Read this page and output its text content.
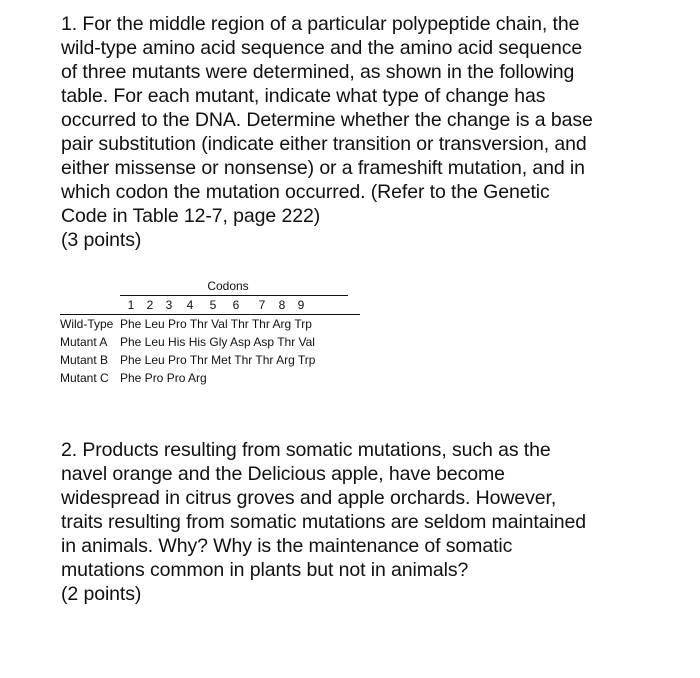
1. For the middle region of a particular polypeptide chain, the

wild-type amino acid sequence and the amino acid sequence

of three mutants were determined, as shown in the following

table. For each mutant, indicate what type of change has

occurred to the DNA. Determine whether the change is a base

pair substitution (indicate either transition or transversion, and

either missense or nonsense) or a frameshift mutation, and in

which codon the mutation occurred. (Refer to the Genetic

Code in Table 12-7, page 222)

(3 points)

Codons
1	2	3	4	5	6	7	8	9
Wild-Type Phe Leu Pro Thr Val Thr Thr Arg Trp
Mutant A Phe Leu His His Gly Asp Asp Thr Val
Mutant B Phe Leu Pro Thr Met Thr Thr Arg Trp
Mutant C Phe Pro Pro Arg

2. Products resulting from somatic mutations, such as the

navel orange and the Delicious apple, have become

widespread in citrus groves and apple orchards. However,

traits resulting from somatic mutations are seldom maintained

in animals. Why? Why is the maintenance of somatic

mutations common in plants but not in animals?

(2 points)
